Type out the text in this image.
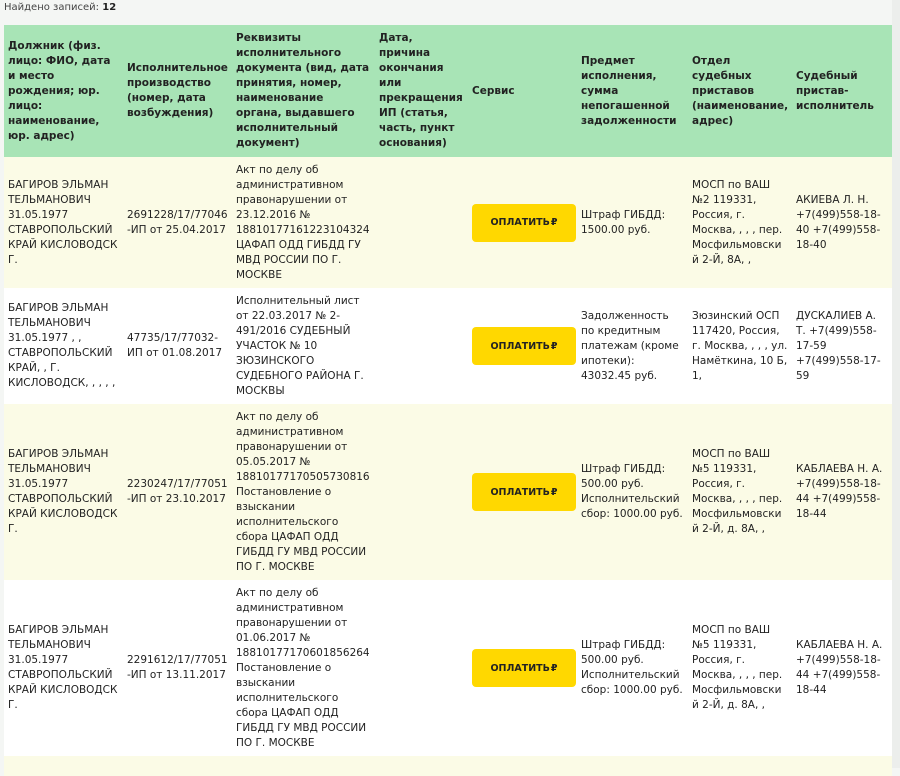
Найдено записей: 12
Должник (физ. лицо: ФИО, дата и место рождения; юр. лицо: наименование, юр. адрес)	Исполнительное производство (номер, дата возбуждения)	Реквизиты исполнительного документа (вид, дата принятия, номер, наименование органа, выдавшего исполнительный документ)	Дата, причина окончания или прекращения ИП (статья, часть, пункт основания)	Сервис	Предмет исполнения, сумма непогашенной задолженности	Отдел судебных приставов (наименование, адрес)	Судебный пристав-исполнитель
БАГИРОВ ЭЛЬМАН ТЕЛЬМАНОВИЧ 31.05.1977 СТАВРОПОЛЬСКИЙ КРАЙ КИСЛОВОДСК Г.	2691228/17/77046-ИП от 25.04.2017	Акт по делу об административном правонарушении от 23.12.2016 № 18810177161223104324 ЦАФАП ОДД ГИБДД ГУ МВД РОССИИ ПО Г. МОСКВЕ		ОПЛАТИТЬ ₽	Штраф ГИБДД: 1500.00 руб.	МОСП по ВАШ №2 119331, Россия, г. Москва, , , , пер. Мосфильмовский 2-Й, 8А, ,	АКИЕВА Л. Н. +7(499)558-18-40 +7(499)558-18-40
БАГИРОВ ЭЛЬМАН ТЕЛЬМАНОВИЧ 31.05.1977 , , СТАВРОПОЛЬСКИЙ КРАЙ, , Г. КИСЛОВОДСК, , , , ,	47735/17/77032-ИП от 01.08.2017	Исполнительный лист от 22.03.2017 № 2-491/2016 СУДЕБНЫЙ УЧАСТОК № 10 ЗЮЗИНСКОГО СУДЕБНОГО РАЙОНА Г. МОСКВЫ		ОПЛАТИТЬ ₽	Задолженность по кредитным платежам (кроме ипотеки): 43032.45 руб.	Зюзинский ОСП 117420, Россия, г. Москва, , , , ул. Намёткина, 10 Б, 1,	ДУСКАЛИЕВ А. Т. +7(499)558-17-59 +7(499)558-17-59
БАГИРОВ ЭЛЬМАН ТЕЛЬМАНОВИЧ 31.05.1977 СТАВРОПОЛЬСКИЙ КРАЙ КИСЛОВОДСК Г.	2230247/17/77051-ИП от 23.10.2017	Акт по делу об административном правонарушении от 05.05.2017 № 18810177170505730816 Постановление о взыскании исполнительского сбора ЦАФАП ОДД ГИБДД ГУ МВД РОССИИ ПО Г. МОСКВЕ		ОПЛАТИТЬ ₽	Штраф ГИБДД: 500.00 руб. Исполнительский сбор: 1000.00 руб.	МОСП по ВАШ №5 119331, Россия, г. Москва, , , , пер. Мосфильмовский 2-Й, д. 8А, ,	КАБЛАЕВА Н. А. +7(499)558-18-44 +7(499)558-18-44
БАГИРОВ ЭЛЬМАН ТЕЛЬМАНОВИЧ 31.05.1977 СТАВРОПОЛЬСКИЙ КРАЙ КИСЛОВОДСК Г.	2291612/17/77051-ИП от 13.11.2017	Акт по делу об административном правонарушении от 01.06.2017 № 18810177170601856264 Постановление о взыскании исполнительского сбора ЦАФАП ОДД ГИБДД ГУ МВД РОССИИ ПО Г. МОСКВЕ		ОПЛАТИТЬ ₽	Штраф ГИБДД: 500.00 руб. Исполнительский сбор: 1000.00 руб.	МОСП по ВАШ №5 119331, Россия, г. Москва, , , , пер. Мосфильмовский 2-Й, д. 8А, ,	КАБЛАЕВА Н. А. +7(499)558-18-44 +7(499)558-18-44
